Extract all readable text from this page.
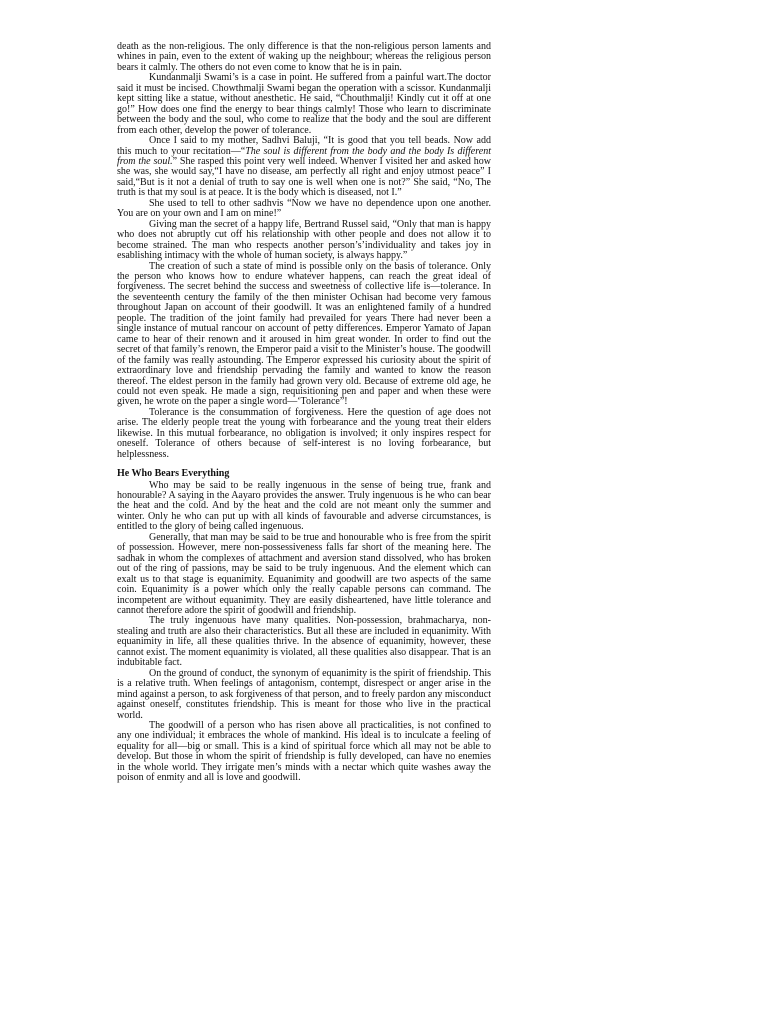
death as the non-religious. The only difference is that the non-religious person laments and whines in pain, even to the extent of waking up the neighbour; whereas the religious person bears it calmly. The others do not even come to know that he is in pain.

Kundanmalji Swami’s is a case in point. He suffered from a painful wart.The doctor said it must be incised. Chowthmalji Swami began the operation with a scissor. Kundanmalji kept sitting like a statue, without anesthetic. He said, “Chouthmalji! Kindly cut it off at one go!” How does one find the energy to bear things calmly! Those who learn to discriminate between the body and the soul, who come to realize that the body and the soul are different from each other, develop the power of tolerance.

Once I said to my mother, Sadhvi Baluji, “It is good that you tell beads. Now add this much to your recitation—“The soul is different from the body and the body Is different from the soul.” She rasped this point very well indeed. Whenver I visited her and asked how she was, she would say,“I have no disease, am perfectly all right and enjoy utmost peace” I said,“But is it not a denial of truth to say one is well when one is not?” She said, “No, The truth is that my soul is at peace. It is the body which is diseased, not I.”

She used to tell to other sadhvis “Now we have no dependence upon one another. You are on your own and I am on mine!”

Giving man the secret of a happy life, Bertrand Russel said, “Only that man is happy who does not abruptly cut off his relationship with other people and does not allow it to become strained. The man who respects another person’s’individuality and takes joy in esablishing intimacy with the whole of human society, is always happy.”

The creation of such a state of mind is possible only on the basis of tolerance. Only the person who knows how to endure whatever happens, can reach the great ideal of forgiveness. The secret behind the success and sweetness of collective life is—tolerance. In the seventeenth century the family of the then minister Ochisan had become very famous throughout Japan on account of their goodwill. It was an enlightened family of a hundred people. The tradition of the joint family had prevailed for years There had never been a single instance of mutual rancour on account of petty differences. Emperor Yamato of Japan came to hear of their renown and it aroused in him great wonder. In order to find out the secret of that family’s renown, the Emperor paid a visit to the Minister’s house. The goodwill of the family was really astounding. The Emperor expressed his curiosity about the spirit of extraordinary love and friendship pervading the family and wanted to know the reason thereof. The eldest person in the family had grown very old. Because of extreme old age, he could not even speak. He made a sign, requisitioning pen and paper and when these were given, he wrote on the paper a single word—‘Tolerance”!

Tolerance is the consummation of forgiveness. Here the question of age does not arise. The elderly people treat the young with forbearance and the young treat their elders likewise. In this mutual forbearance, no obligation is involved; it only inspires respect for oneself. Tolerance of others because of self-interest is no loving forbearance, but helplessness.

He Who Bears Everything

Who may be said to be really ingenuous in the sense of being true, frank and honourable? A saying in the Aayaro provides the answer. Truly ingenuous is he who can bear the heat and the cold. And by the heat and the cold are not meant only the summer and winter. Only he who can put up with all kinds of favourable and adverse circumstances, is entitled to the glory of being called ingenuous.

Generally, that man may be said to be true and honourable who is free from the spirit of possession. However, mere non-possessiveness falls far short of the meaning here. The sadhak in whom the complexes of attachment and aversion stand dissolved, who has broken out of the ring of passions, may be said to be truly ingenuous. And the element which can exalt us to that stage is equanimity. Equanimity and goodwill are two aspects of the same coin. Equanimity is a power which only the really capable persons can command. The incompetent are without equanimity. They are easily disheartened, have little tolerance and cannot therefore adore the spirit of goodwill and friendship.

The truly ingenuous have many qualities. Non-possession, brahmacharya, non-stealing and truth are also their characteristics. But all these are included in equanimity. With equanimity in life, all these qualities thrive. In the absence of equanimity, however, these cannot exist. The moment equanimity is violated, all these qualities also disappear. That is an indubitable fact.

On the ground of conduct, the synonym of equanimity is the spirit of friendship. This is a relative truth. When feelings of antagonism, contempt, disrespect or anger arise in the mind against a person, to ask forgiveness of that person, and to freely pardon any misconduct against oneself, constitutes friendship. This is meant for those who live in the practical world.

The goodwill of a person who has risen above all practicalities, is not confined to any one individual; it embraces the whole of mankind. His ideal is to inculcate a feeling of equality for all—big or small. This is a kind of spiritual force which all may not be able to develop. But those in whom the spirit of friendship is fully developed, can have no enemies in the whole world. They irrigate men’s minds with a nectar which quite washes away the poison of enmity and all is love and goodwill.
